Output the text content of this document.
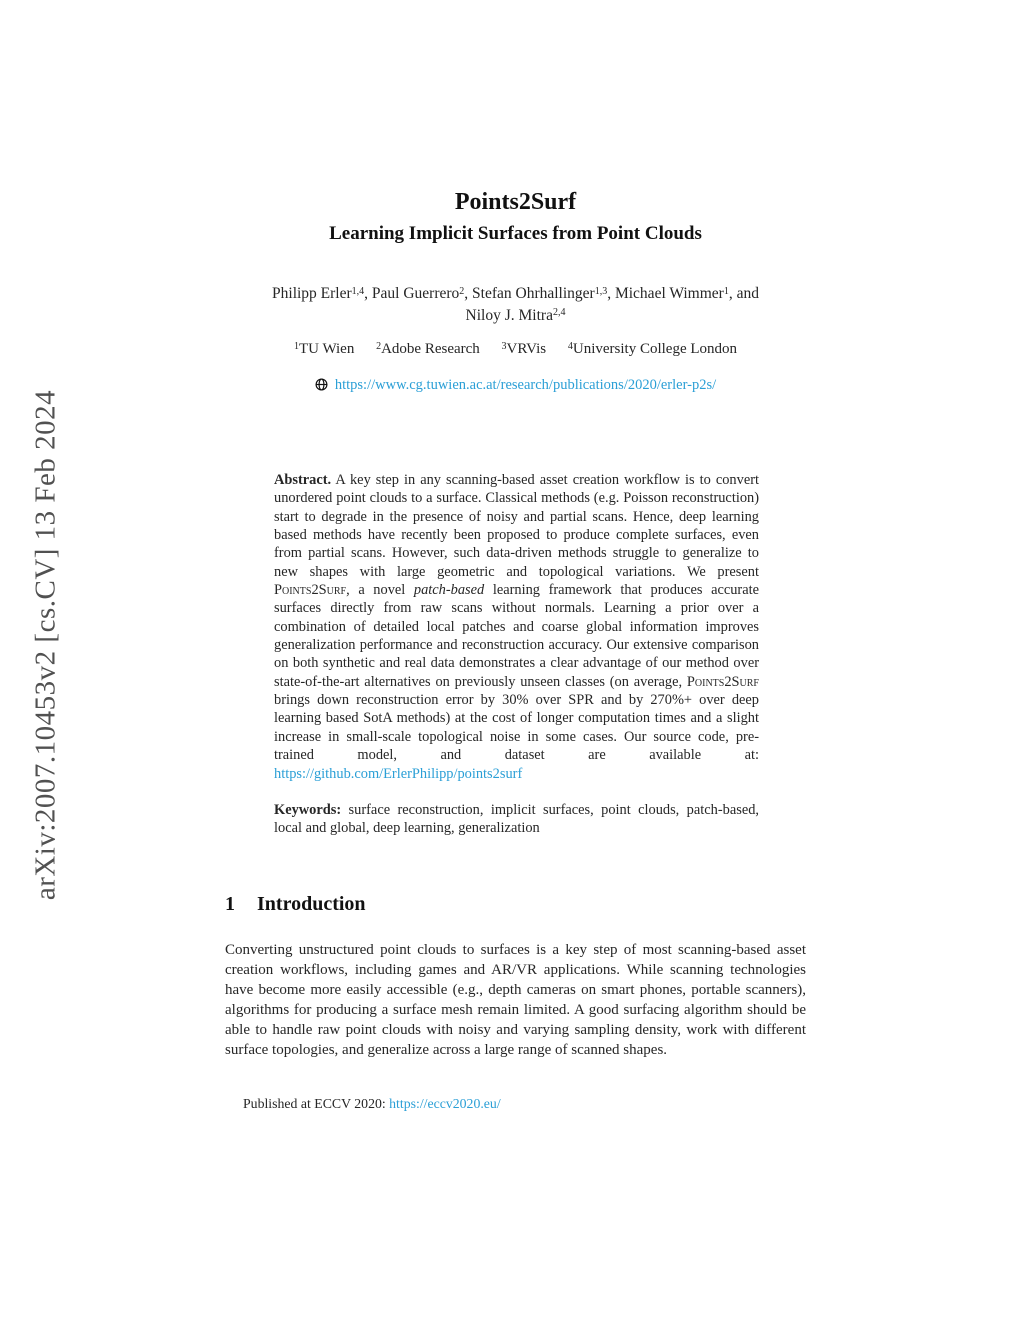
arXiv:2007.10453v2 [cs.CV] 13 Feb 2024
Points2Surf
Learning Implicit Surfaces from Point Clouds
Philipp Erler$^{1,4}$, Paul Guerrero$^2$, Stefan Ohrhallinger$^{1,3}$, Michael Wimmer$^1$, and
Niloy J. Mitra$^{2,4}$
$^1$TU Wien $^2$Adobe Research $^3$VRVis $^4$University College London
https://www.cg.tuwien.ac.at/research/publications/2020/erler-p2s/

Abstract. A key step in any scanning-based asset creation workflow is to convert unordered point clouds to a surface. Classical methods (e.g. Poisson reconstruction) start to degrade in the presence of noisy and partial scans. Hence, deep learning based methods have recently been proposed to produce complete surfaces, even from partial scans. However, such data-driven methods struggle to generalize to new shapes with large geometric and topological variations. We present Points2Surf, a novel patch-based learning framework that produces accurate surfaces directly from raw scans without normals. Learning a prior over a combination of detailed local patches and coarse global information improves generalization performance and reconstruction accuracy. Our extensive comparison on both synthetic and real data demonstrates a clear advantage of our method over state-of-the-art alternatives on previously unseen classes (on average, Points2Surf brings down reconstruction error by 30% over SPR and by 270%+ over deep learning based SotA methods) at the cost of longer computation times and a slight increase in small-scale topological noise in some cases. Our source code, pre-trained model, and dataset are available at: https://github.com/ErlerPhilipp/points2surf

Keywords: surface reconstruction, implicit surfaces, point clouds, patch-based, local and global, deep learning, generalization

1 Introduction

Converting unstructured point clouds to surfaces is a key step of most scanning-based asset creation workflows, including games and AR/VR applications. While scanning technologies have become more easily accessible (e.g., depth cameras on smart phones, portable scanners), algorithms for producing a surface mesh remain limited. A good surfacing algorithm should be able to handle raw point clouds with noisy and varying sampling density, work with different surface topologies, and generalize across a large range of scanned shapes.

Published at ECCV 2020: https://eccv2020.eu/
